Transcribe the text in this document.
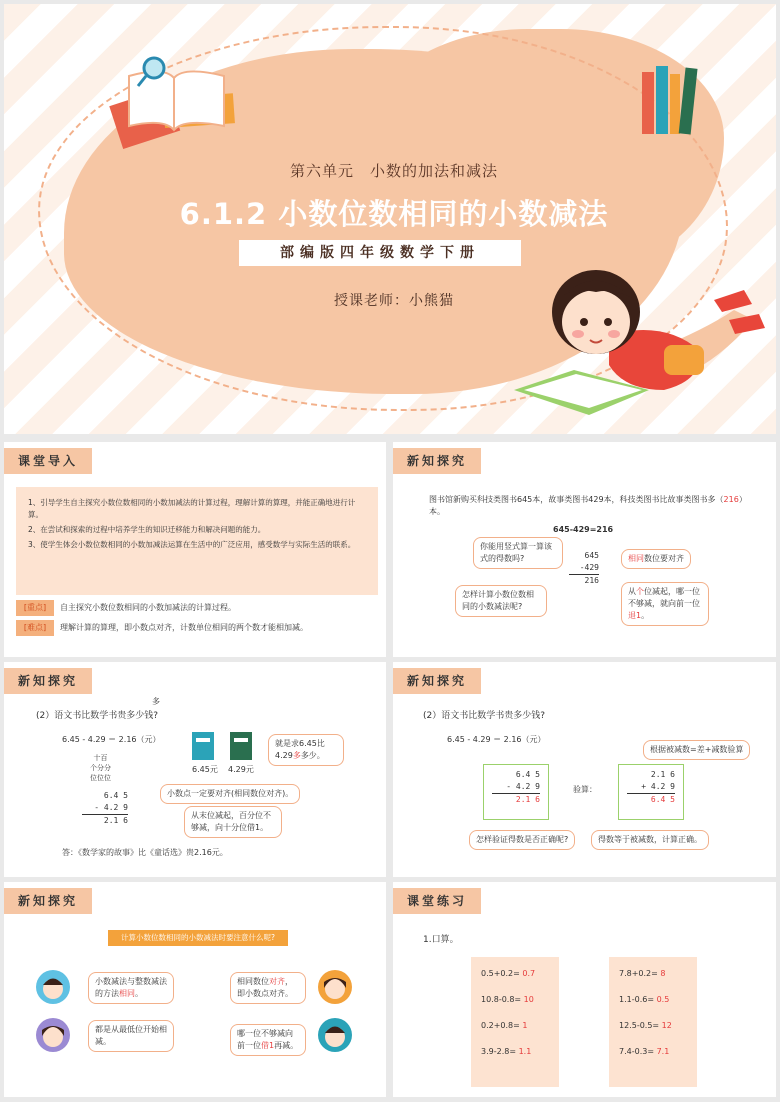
第六单元　小数的加法和减法
6.1.2 小数位数相同的小数减法
部编版四年级数学下册
授课老师：小熊猫
课堂导入
1、引导学生自主探究小数位数相同的小数加减法的计算过程，理解计算的算理，并能正确地进行计算。
2、在尝试和探索的过程中培养学生的知识迁移能力和解决问题的能力。
3、使学生体会小数位数相同的小数加减法运算在生活中的广泛应用，感受数学与实际生活的联系。
[重点]	自主探究小数位数相同的小数加减法的计算过程。
[难点]	理解计算的算理，即小数点对齐，计数单位相同的两个数才能相加减。
新知探究
图书馆新购买科技类图书645本，故事类图书429本，科技类图书比故事类图书多（216）本。
645-429=216
你能用竖式算一算该式的得数吗?
怎样计算小数位数相同的小数减法呢?
645
-429
216
相同数位要对齐
从个位减起，哪一位不够减，就向前一位退1。
新知探究
多
(2）语文书比数学书贵多少钱?
6.45 - 4.29 ＝ 2.16（元）
十百
个分分
位位位
6.4 5
- 4.2 9
2.1 6
6.45元 4.29元
就是求6.45比4.29多多少。
小数点一定要对齐(相同数位对齐)。
从末位减起，百分位不够减，向十分位借1。
答：《数学家的故事》比《童话选》贵2.16元。
新知探究
(2）语文书比数学书贵多少钱?
6.45 - 4.29 ＝ 2.16（元）
根据被减数=差+减数验算
6.4 5
- 4.2 9
2.1 6
验算：
2.1 6
+ 4.2 9
6.4 5
怎样验证得数是否正确呢?	得数等于被减数，计算正确。
新知探究
计算小数位数相同的小数减法时要注意什么呢?
小数减法与整数减法的方法相同。
相同数位对齐，即小数点对齐。
都是从最低位开始相减。
哪一位不够减向前一位借1再减。
课堂练习
1.口算。
0.5+0.2= 0.7
10.8-0.8= 10
0.2+0.8= 1
3.9-2.8= 1.1
7.8+0.2= 8
1.1-0.6= 0.5
12.5-0.5= 12
7.4-0.3= 7.1
